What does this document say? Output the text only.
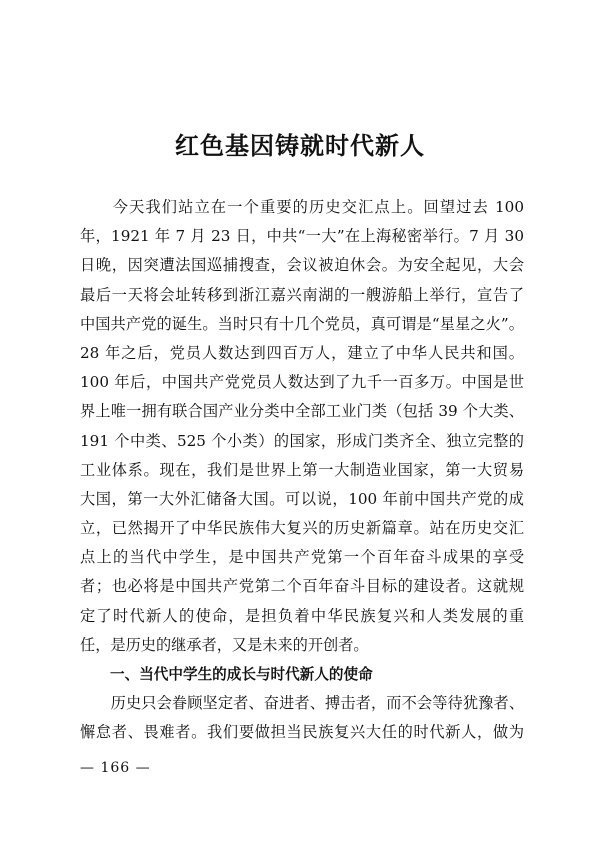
红色基因铸就时代新人
　　今天我们站立在一个重要的历史交汇点上。回望过去 100
年，1921 年 7 月 23 日，中共“一大”在上海秘密举行。7 月 30
日晚，因突遭法国巡捕搜查，会议被迫休会。为安全起见，大会
最后一天将会址转移到浙江嘉兴南湖的一艘游船上举行，宣告了
中国共产党的诞生。当时只有十几个党员，真可谓是“星星之火”。
28 年之后，党员人数达到四百万人，建立了中华人民共和国。
100 年后，中国共产党党员人数达到了九千一百多万。中国是世
界上唯一拥有联合国产业分类中全部工业门类（包括 39 个大类、
191 个中类、525 个小类）的国家，形成门类齐全、独立完整的
工业体系。现在，我们是世界上第一大制造业国家，第一大贸易
大国，第一大外汇储备大国。可以说，100 年前中国共产党的成
立，已然揭开了中华民族伟大复兴的历史新篇章。站在历史交汇
点上的当代中学生，是中国共产党第一个百年奋斗成果的享受
者；也必将是中国共产党第二个百年奋斗目标的建设者。这就规
定了时代新人的使命，是担负着中华民族复兴和人类发展的重
任，是历史的继承者，又是未来的开创者。
一、当代中学生的成长与时代新人的使命
　　历史只会眷顾坚定者、奋进者、搏击者，而不会等待犹豫者、
懈怠者、畏难者。我们要做担当民族复兴大任的时代新人，做为
— 166 —
